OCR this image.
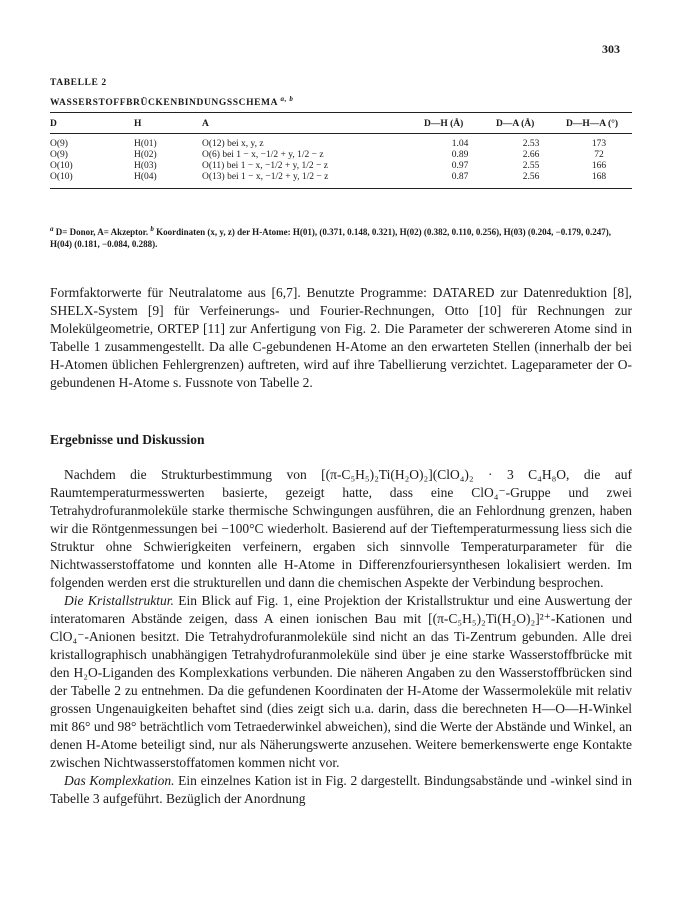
303
TABELLE 2
WASSERSTOFFBRÜCKENBINDUNGSSCHEMA $^{a, b}$
D	H	A	D—H (Å)	D—A (Å)	D—H—A (°)
O(9)	H(01)	O(12) bei x, y, z	1.04	2.53	173
O(9)	H(02)	O(6) bei 1 − x, −1/2 + y, 1/2 − z	0.89	2.66	72
O(10)	H(03)	O(11) bei 1 − x, −1/2 + y, 1/2 − z	0.97	2.55	166
O(10)	H(04)	O(13) bei 1 − x, −1/2 + y, 1/2 − z	0.87	2.56	168
$^a$ D= Donor, A= Akzeptor. $^b$ Koordinaten (x, y, z) der H-Atome: H(01), (0.371, 0.148, 0.321), H(02) (0.382, 0.110, 0.256), H(03) (0.204, −0.179, 0.247), H(04) (0.181, −0.084, 0.288).

Formfaktorwerte für Neutralatome aus [6,7]. Benutzte Programme: DATARED zur Datenreduktion [8], SHELX-System [9] für Verfeinerungs- und Fourier-Rechnungen, Otto [10] für Rechnungen zur Molekülgeometrie, ORTEP [11] zur Anfertigung von Fig. 2. Die Parameter der schwereren Atome sind in Tabelle 1 zusammengestellt. Da alle C-gebundenen H-Atome an den erwarteten Stellen (innerhalb der bei H-Atomen üblichen Fehlergrenzen) auftreten, wird auf ihre Tabellierung verzichtet. Lageparameter der O-gebundenen H-Atome s. Fussnote von Tabelle 2.

Ergebnisse und Diskussion

Nachdem die Strukturbestimmung von [(π-C₅H₅)₂Ti(H₂O)₂](ClO₄)₂ · 3 C₄H₈O, die auf Raumtemperaturmesswerten basierte, gezeigt hatte, dass eine ClO₄⁻-Gruppe und zwei Tetrahydrofuranmoleküle starke thermische Schwingungen ausführen, die an Fehlordnung grenzen, haben wir die Röntgenmessungen bei −100°C wiederholt. Basierend auf der Tieftemperaturmessung liess sich die Struktur ohne Schwierigkeiten verfeinern, ergaben sich sinnvolle Temperaturparameter für die Nichtwasserstoffatome und konnten alle H-Atome in Differenzfouriersynthesen lokalisiert werden. Im folgenden werden erst die strukturellen und dann die chemischen Aspekte der Verbindung besprochen.

Die Kristallstruktur. Ein Blick auf Fig. 1, eine Projektion der Kristallstruktur und eine Auswertung der interatomaren Abstände zeigen, dass A einen ionischen Bau mit [(π-C₅H₅)₂Ti(H₂O)₂]²⁺-Kationen und ClO₄⁻-Anionen besitzt. Die Tetrahydrofuranmoleküle sind nicht an das Ti-Zentrum gebunden. Alle drei kristallographisch unabhängigen Tetrahydrofuranmoleküle sind über je eine starke Wasserstoffbrücke mit den H₂O-Liganden des Komplexkations verbunden. Die näheren Angaben zu den Wasserstoffbrücken sind der Tabelle 2 zu entnehmen. Da die gefundenen Koordinaten der H-Atome der Wassermoleküle mit relativ grossen Ungenauigkeiten behaftet sind (dies zeigt sich u.a. darin, dass die berechneten H—O—H-Winkel mit 86° und 98° beträchtlich vom Tetraederwinkel abweichen), sind die Werte der Abstände und Winkel, an denen H-Atome beteiligt sind, nur als Näherungswerte anzusehen. Weitere bemerkenswerte enge Kontakte zwischen Nichtwasserstoffatomen kommen nicht vor.

Das Komplexkation. Ein einzelnes Kation ist in Fig. 2 dargestellt. Bindungsabstände und -winkel sind in Tabelle 3 aufgeführt. Bezüglich der Anordnung
